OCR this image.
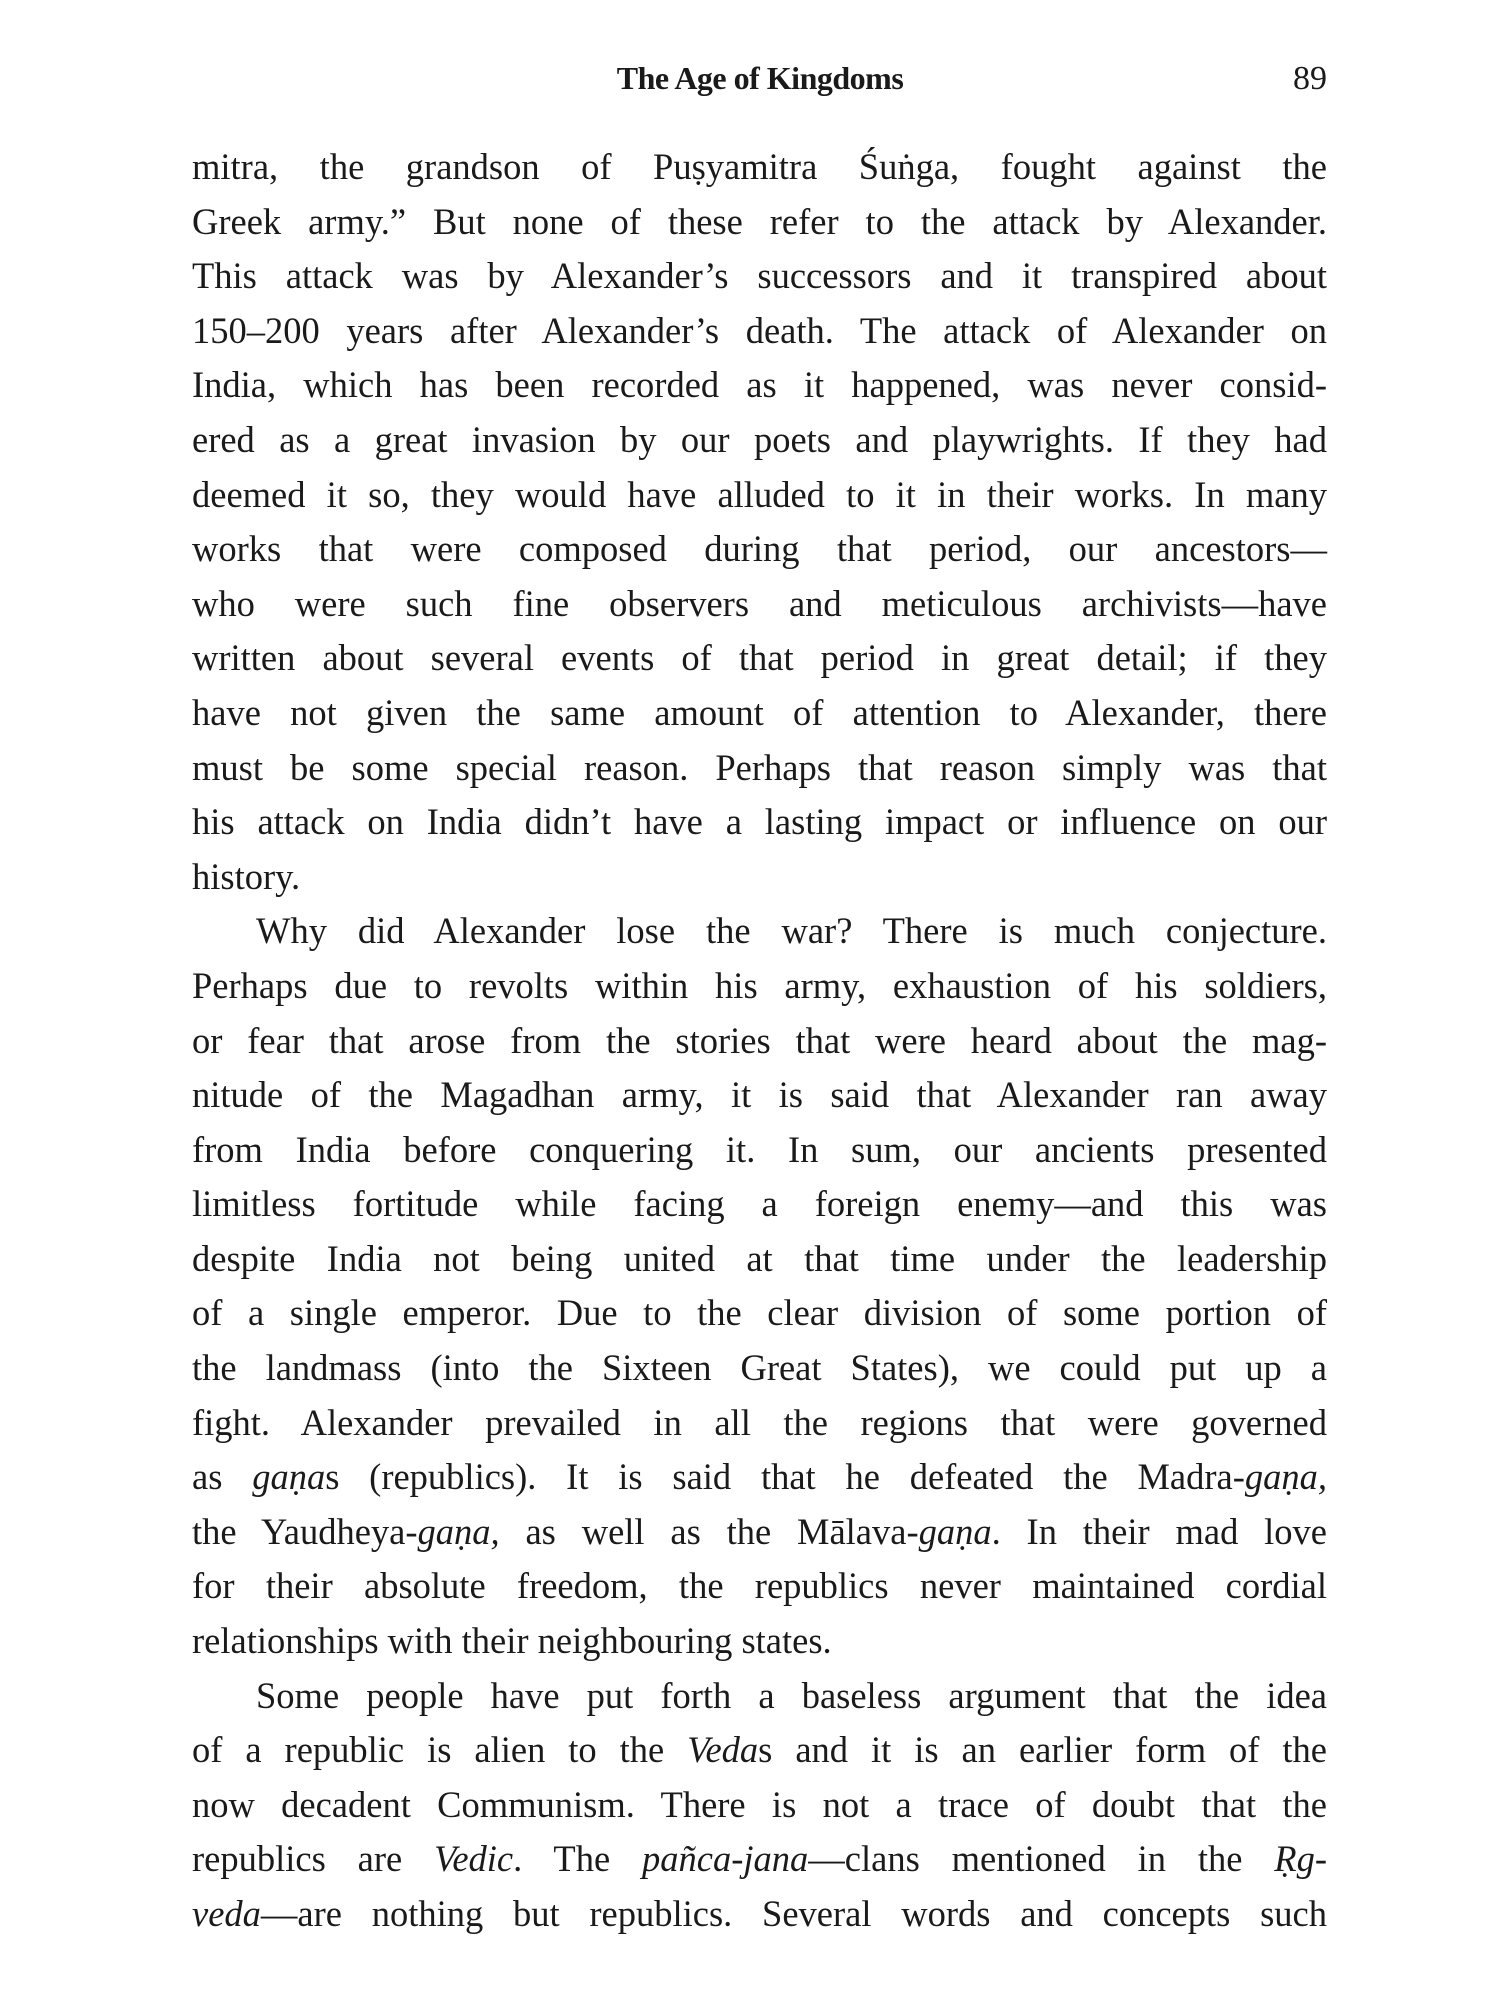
The Age of Kingdoms	89
mitra, the grandson of Puṣyamitra Śuṅga, fought against the
Greek army.” But none of these refer to the attack by Alexander.
This attack was by Alexander’s successors and it transpired about
150–200 years after Alexander’s death. The attack of Alexander on
India, which has been recorded as it happened, was never consid-
ered as a great invasion by our poets and playwrights. If they had
deemed it so, they would have alluded to it in their works. In many
works that were composed during that period, our ancestors—
who were such fine observers and meticulous archivists—have
written about several events of that period in great detail; if they
have not given the same amount of attention to Alexander, there
must be some special reason. Perhaps that reason simply was that
his attack on India didn’t have a lasting impact or influence on our
history.
Why did Alexander lose the war? There is much conjecture.
Perhaps due to revolts within his army, exhaustion of his soldiers,
or fear that arose from the stories that were heard about the mag-
nitude of the Magadhan army, it is said that Alexander ran away
from India before conquering it. In sum, our ancients presented
limitless fortitude while facing a foreign enemy—and this was
despite India not being united at that time under the leadership
of a single emperor. Due to the clear division of some portion of
the landmass (into the Sixteen Great States), we could put up a
fight. Alexander prevailed in all the regions that were governed
as gaṇas (republics). It is said that he defeated the Madra-gaṇa,
the Yaudheya-gaṇa, as well as the Mālava-gaṇa. In their mad love
for their absolute freedom, the republics never maintained cordial
relationships with their neighbouring states.
Some people have put forth a baseless argument that the idea
of a republic is alien to the Vedas and it is an earlier form of the
now decadent Communism. There is not a trace of doubt that the
republics are Vedic. The pañca-jana—clans mentioned in the Ṛg-
veda—are nothing but republics. Several words and concepts such
